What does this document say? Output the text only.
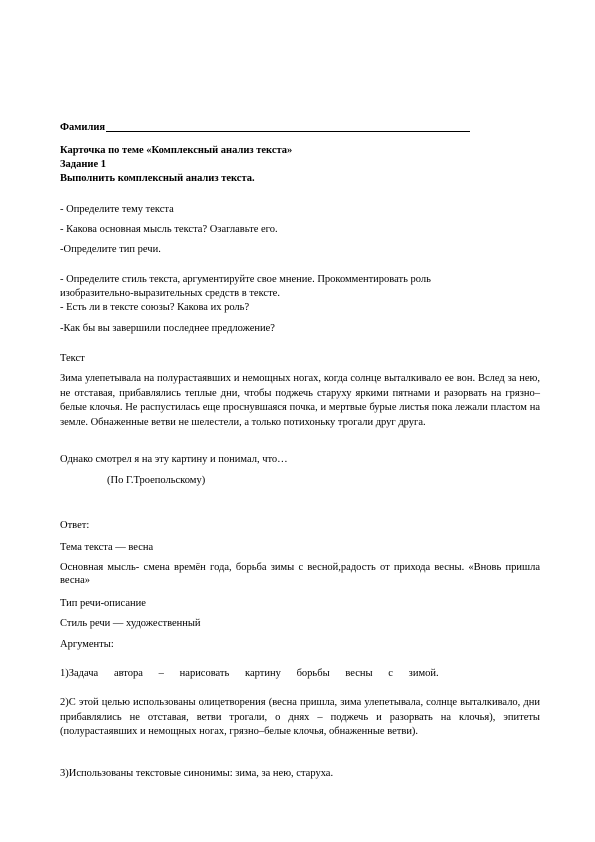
Фамилия
Карточка по теме «Комплексный анализ текста»
Задание 1
Выполнить комплексный анализ текста.
- Определите тему текста
- Какова основная мысль текста? Озаглавьте его.
-Определите тип речи.
- Определите стиль текста, аргументируйте свое мнение. Прокомментировать роль
изобразительно-выразительных средств в тексте.
- Есть ли в тексте союзы? Какова их роль?
-Как бы вы завершили последнее предложение?
Текст
Зима улепетывала на полурастаявших и немощных ногах, когда солнце выталкивало ее вон. Вслед за нею, не отставая, прибавлялись теплые дни, чтобы поджечь старуху яркими пятнами и разорвать на грязно–белые клочья. Не распустилась еще проснувшаяся почка, и мертвые бурые листья пока лежали пластом на земле. Обнаженные ветви не шелестели, а только потихоньку трогали друг друга.
Однако смотрел я на эту картину и понимал, что…
(По Г.Троепольскому)
Ответ:
Тема текста — весна
Основная мысль- смена времён года, борьба зимы с весной,радость от прихода весны. «Вновь пришла весна»
Тип речи-описание
Стиль речи — художественный
Аргументы:
1)Задача      автора      –      нарисовать      картину      борьбы      весны      с      зимой.
2)С этой целью использованы олицетворения (весна пришла, зима улепетывала, солнце выталкивало, дни прибавлялись не отставая, ветви трогали, о днях – поджечь и разорвать на клочья), эпитеты (полурастаявших и немощных ногах, грязно–белые клочья, обнаженные ветви).
3)Использованы текстовые синонимы: зима, за нею, старуха.
